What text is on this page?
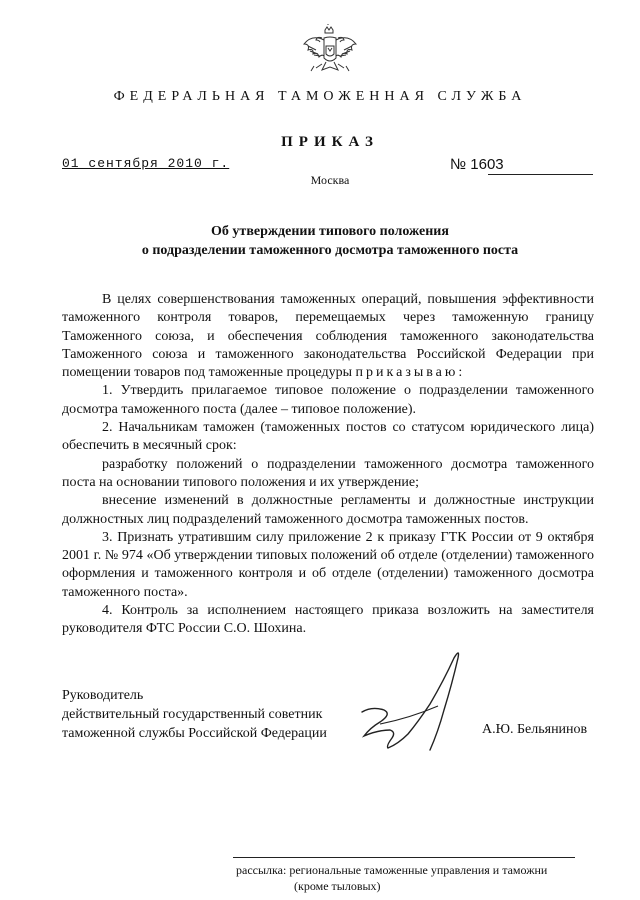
ФЕДЕРАЛЬНАЯ ТАМОЖЕННАЯ СЛУЖБА
ПРИКАЗ
01 сентября 2010 г.	№ 1603
Москва
Об утверждении типового положения
о подразделении таможенного досмотра таможенного поста

В целях совершенствования таможенных операций, повышения эффективности таможенного контроля товаров, перемещаемых через таможенную границу Таможенного союза, и обеспечения соблюдения таможенного законодательства Таможенного союза и таможенного законодательства Российской Федерации при помещении товаров под таможенные процедуры приказываю:

1. Утвердить прилагаемое типовое положение о подразделении таможенного досмотра таможенного поста (далее – типовое положение).

2. Начальникам таможен (таможенных постов со статусом юридического лица) обеспечить в месячный срок:

разработку положений о подразделении таможенного досмотра таможенного поста на основании типового положения и их утверждение;

внесение изменений в должностные регламенты и должностные инструкции должностных лиц подразделений таможенного досмотра таможенных постов.

3. Признать утратившим силу приложение 2 к приказу ГТК России от 9 октября 2001 г. № 974 «Об утверждении типовых положений об отделе (отделении) таможенного оформления и таможенного контроля и об отделе (отделении) таможенного досмотра таможенного поста».

4. Контроль за исполнением настоящего приказа возложить на заместителя руководителя ФТС России С.О. Шохина.

Руководитель
действительный государственный советник
таможенной службы Российской Федерации	А.Ю. Бельянинов
рассылка: региональные таможенные управления и таможни
(кроме тыловых)
